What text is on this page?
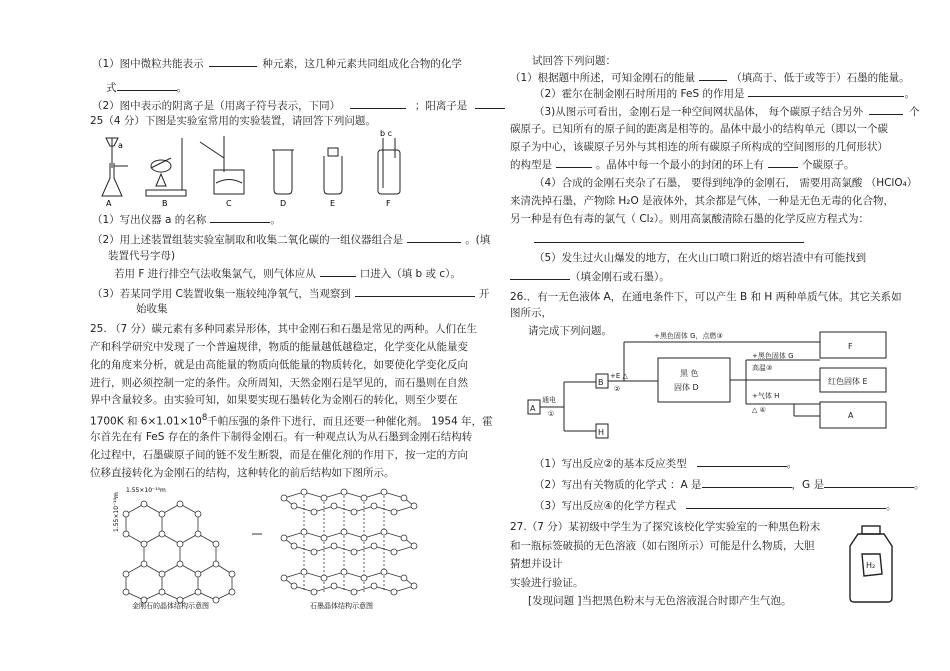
（1）图中微粒共能表示	种元素，这几种元素共同组成化合物的化学
式	。
（2）图中表示的阴离子是（用离子符号表示，下同）	；阳离子是
25（4 分）下图是实验室常用的实验装置，请回答下列问题。
A	B	C	D	E	F
a
b c
（1）写出仪器 a 的名称	。
（2）用上述装置组装实验室制取和收集二氧化碳的一组仪器组合是	。(填
装置代号字母)
若用 F 进行排空气法收集氯气，则气体应从	口进入（填 b 或 c）。
（3）若某同学用 C装置收集一瓶较纯净氧气，当观察到	开
始收集
25. （7 分）碳元素有多种同素异形体，其中金刚石和石墨是常见的两种。人们在生
产和科学研究中发现了一个普遍规律，物质的能量越低越稳定，化学变化从能量变
化的角度来分析，就是由高能量的物质向低能量的物质转化，如要使化学变化反向
进行，则必须控制一定的条件。众所周知，天然金刚石是罕见的，而石墨则在自然
界中含量较多。由实验可知，如果要实现石墨转化为金刚石的转化，则至少要在
1700K 和 $6\times 1.01\times 10^8$千帕压强的条件下进行，而且还要一种催化剂。 1954 年，霍
尔首先在有 FeS 存在的条件下制得金刚石。有一种观点认为从石墨到金刚石结构转
化过程中，石墨碳原子间的链不发生断裂，而是在催化剂的作用下，按一定的方向
位移直接转化为金刚石的结构，这种转化的前后结构如下图所示。
1.55×10⁻¹⁰m
1.55×10⁻¹⁰m
金刚石的晶体结构示意图	石墨晶体结构示意图
试回答下列问题：
（1）根据题中所述，可知金刚石的能量	（填高于、低于或等于）石墨的能量。
（2）霍尔在制金刚石时所用的 FeS 的作用是	。
（3)从图示可看出，金刚石是一种空间网状晶体， 每个碳原子结合另外	个
碳原子。已知所有的原子间的距离是相等的。晶体中最小的结构单元（即以一个碳
原子为中心，该碳原子另外与其相连的所有碳原子所构成的空间图形的几何形状）
的构型是	。晶体中每一个最小的封闭的环上有	个碳原子。
（4）合成的金刚石夹杂了石墨， 要得到纯净的金刚石， 需要用高氯酸 （HClO₄）
来清洗掉石墨，产物除 H₂O 是液体外，其余都是气体，一种是无色无毒的化合物，
另一种是有色有毒的氯气（ Cl₂）。则用高氯酸清除石墨的化学反应方程式为：
（5）发生过火山爆发的地方，在火山口喷口附近的熔岩渣中有可能找到
（填金刚石或石墨）。
26.．有一无色液体 A，在通电条件下，可以产生 B 和 H 两种单质气体。其它关系如
图所示，
请完成下列问题。
A
B
H
F
红色固体 E
A
黑 色
固体 D
通电
①
+E △
②
+黑色固体 G，点燃③
+黑色固体 G
高温③
+气体 H
△ ④
（1）写出反应②的基本反应类型	。
（2）写出有关物质的化学式 ：A 是	，G 是	。
（3）写出反应④的化学方程式	。
27.（7 分）某初级中学生为了探究该校化学实验室的一种黑色粉末
和一瓶标签破损的无色溶液（如右图所示）可能是什么物质，大胆
猜想并设计
实验进行验证。
[发现问题 ]当把黑色粉末与无色溶液混合时即产生气泡。
H₂
